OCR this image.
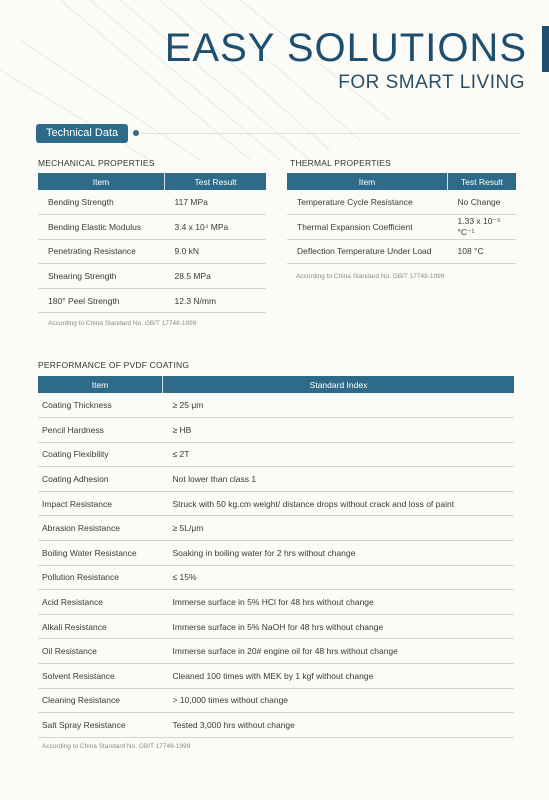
EASY SOLUTIONS
FOR SMART LIVING
Technical Data
MECHANICAL PROPERTIES
Item	Test Result
Bending Strength	117 MPa
Bending Elastic Modulus	3.4 x 10⁴ MPa
Penetrating Resistance	9.0 kN
Shearing Strength	28.5 MPa
180° Peel Strength	12.3 N/mm
According to China Standard No. GB/T 17748-1999
THERMAL PROPERTIES
Item	Test Result
Temperature Cycle Resistance	No Change
Thermal Expansion Coefficient	1.33 x 10⁻⁵ °C⁻¹
Deflection Temperature Under Load	108 °C
According to China Standard No. GB/T 17748-1999
PERFORMANCE OF PVDF COATING
Item	Standard Index
Coating Thickness	≥ 25 μm
Pencil Hardness	≥ HB
Coating Flexibility	≤ 2T
Coating Adhesion	Not lower than class 1
Impact Resistance	Struck with 50 kg.cm weight/ distance drops without crack and loss of paint
Abrasion Resistance	≥ 5L/μm
Boiling Water Resistance	Soaking in boiling water for 2 hrs without change
Pollution Resistance	≤ 15%
Acid Resistance	Immerse surface in 5% HCl for 48 hrs without change
Alkali Resistance	Immerse surface in 5% NaOH for 48 hrs without change
Oil Resistance	Immerse surface in 20# engine oil for 48 hrs without change
Solvent Resistance	Cleaned 100 times with MEK by 1 kgf without change
Cleaning Resistance	> 10,000 times without change
Salt Spray Resistance	Tested 3,000 hrs without change
According to China Standard No. GB/T 17748-1999
